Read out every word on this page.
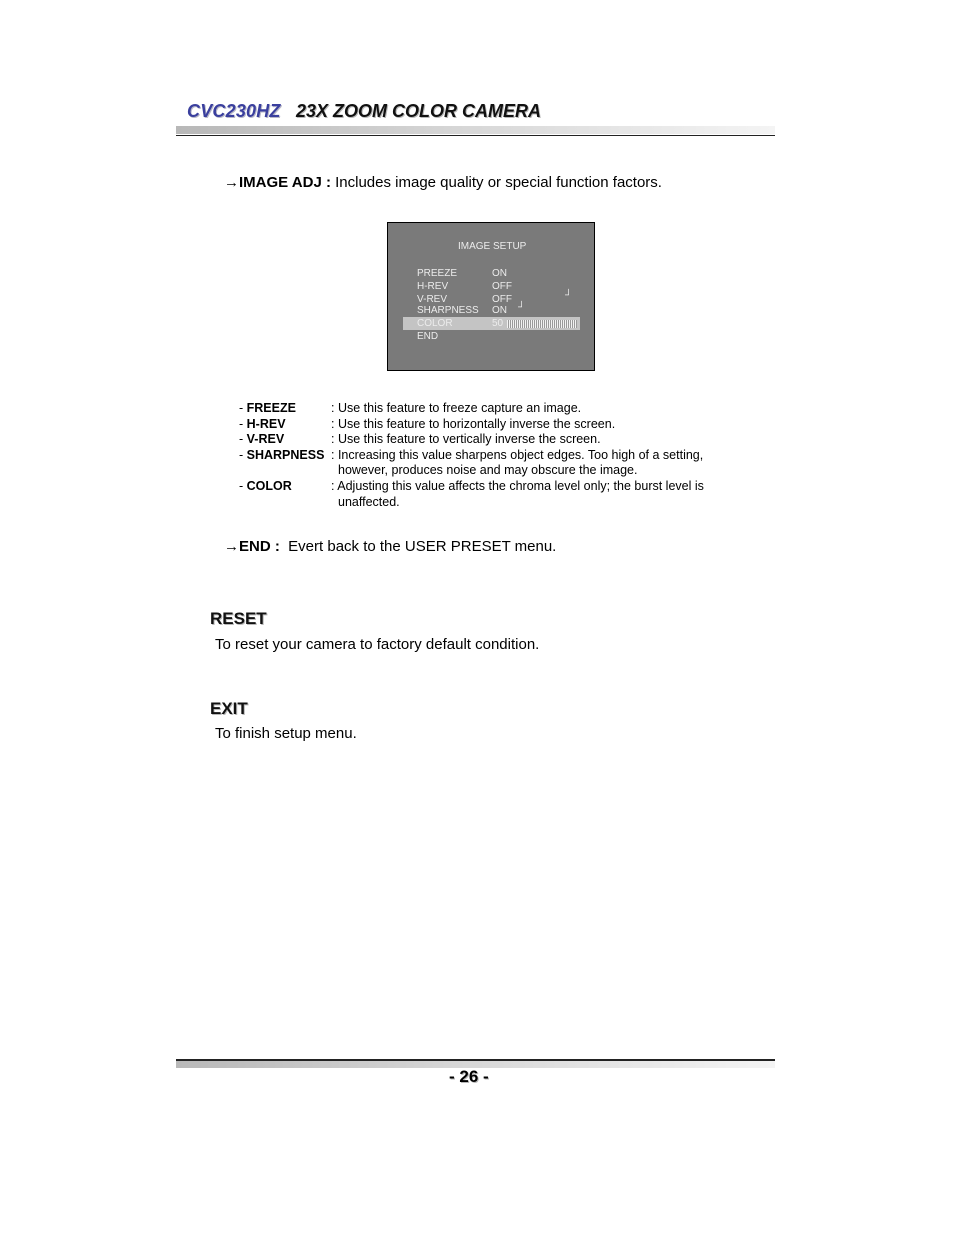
CVC230HZ 23X ZOOM COLOR CAMERA
→IMAGE ADJ : Includes image quality or special function factors.
IMAGE SETUP
PREEZE	ON
H-REV	OFF
V-REV	OFF	┘
SHARPNESS ON ┘
COLOR	50
END
- FREEZE	: Use this feature to freeze capture an image.
- H-REV	: Use this feature to horizontally inverse the screen.
- V-REV	: Use this feature to vertically inverse the screen.
- SHARPNESS : Increasing this value sharpens object edges. Too high of a setting,
however, produces noise and may obscure the image.
- COLOR	: Adjusting this value affects the chroma level only; the burst level is
unaffected.
→END :  Evert back to the USER PRESET menu.
RESET
To reset your camera to factory default condition.
EXIT
To finish setup menu.
- 26 -
